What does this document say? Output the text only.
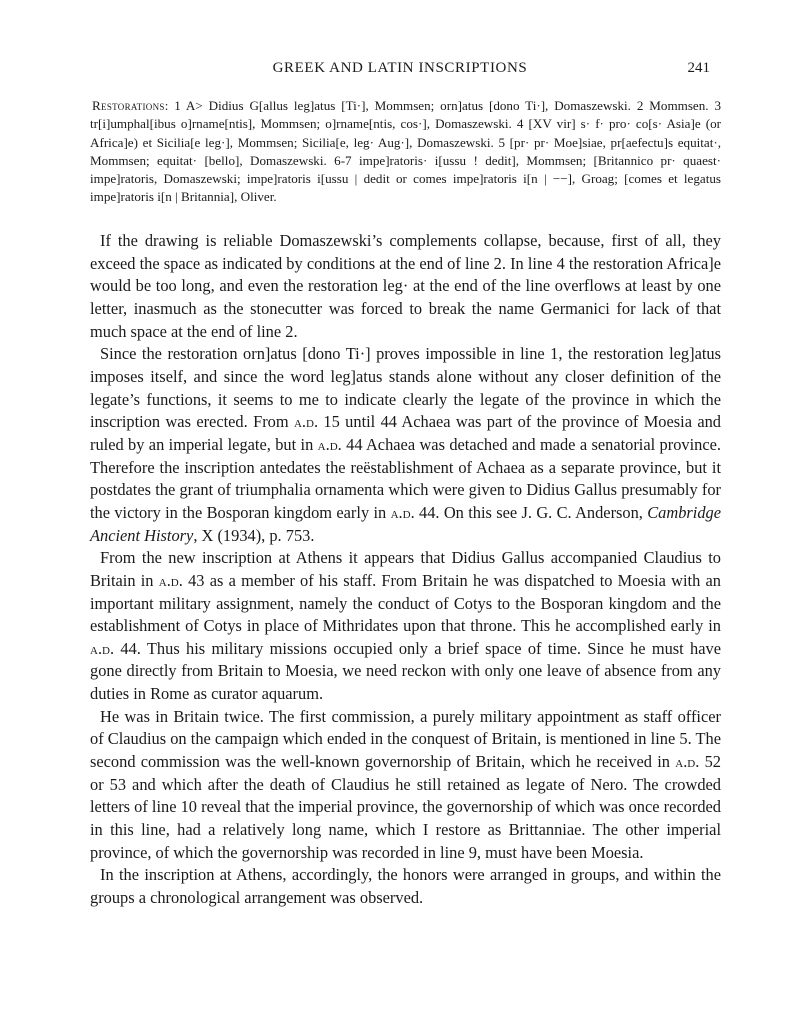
GREEK AND LATIN INSCRIPTIONS	241
Restorations: 1 A> Didius G[allus leg]atus [Ti·], Mommsen; orn]atus [dono Ti·], Domaszewski. 2 Mommsen. 3 tr[i]umphal[ibus o]rname[ntis], Mommsen; o]rname[ntis, cos·], Domaszewski. 4 [XV vir] s· f· pro· co[s· Asia]e (or Africa]e) et Sicilia[e leg·], Mommsen; Sicilia[e, leg· Aug·], Domaszewski. 5 [pr· pr· Moe]siae, pr[aefectu]s equitat·, Mommsen; equitat· [bello], Domaszewski. 6-7 impe]ratoris· i[ussu ! dedit], Mommsen; [Britannico pr· quaest· impe]ratoris, Domaszewski; impe]ratoris i[ussu | dedit or comes impe]ratoris i[n | −−], Groag; [comes et legatus impe]ratoris i[n | Britannia], Oliver.

If the drawing is reliable Domaszewski’s complements collapse, because, first of all, they exceed the space as indicated by conditions at the end of line 2. In line 4 the restoration Africa]e would be too long, and even the restoration leg· at the end of the line overflows at least by one letter, inasmuch as the stonecutter was forced to break the name Germanici for lack of that much space at the end of line 2.

Since the restoration orn]atus [dono Ti·] proves impossible in line 1, the restoration leg]atus imposes itself, and since the word leg]atus stands alone without any closer definition of the legate’s functions, it seems to me to indicate clearly the legate of the province in which the inscription was erected. From a.d. 15 until 44 Achaea was part of the province of Moesia and ruled by an imperial legate, but in a.d. 44 Achaea was detached and made a senatorial province. Therefore the inscription antedates the reëstablishment of Achaea as a separate province, but it postdates the grant of triumphalia ornamenta which were given to Didius Gallus presumably for the victory in the Bosporan kingdom early in a.d. 44. On this see J. G. C. Anderson, Cambridge Ancient History, X (1934), p. 753.

From the new inscription at Athens it appears that Didius Gallus accompanied Claudius to Britain in a.d. 43 as a member of his staff. From Britain he was dispatched to Moesia with an important military assignment, namely the conduct of Cotys to the Bosporan kingdom and the establishment of Cotys in place of Mithridates upon that throne. This he accomplished early in a.d. 44. Thus his military missions occupied only a brief space of time. Since he must have gone directly from Britain to Moesia, we need reckon with only one leave of absence from any duties in Rome as curator aquarum.

He was in Britain twice. The first commission, a purely military appointment as staff officer of Claudius on the campaign which ended in the conquest of Britain, is mentioned in line 5. The second commission was the well-known governorship of Britain, which he received in a.d. 52 or 53 and which after the death of Claudius he still retained as legate of Nero. The crowded letters of line 10 reveal that the imperial province, the governorship of which was once recorded in this line, had a relatively long name, which I restore as Brittanniae. The other imperial province, of which the governorship was recorded in line 9, must have been Moesia.

In the inscription at Athens, accordingly, the honors were arranged in groups, and within the groups a chronological arrangement was observed.
